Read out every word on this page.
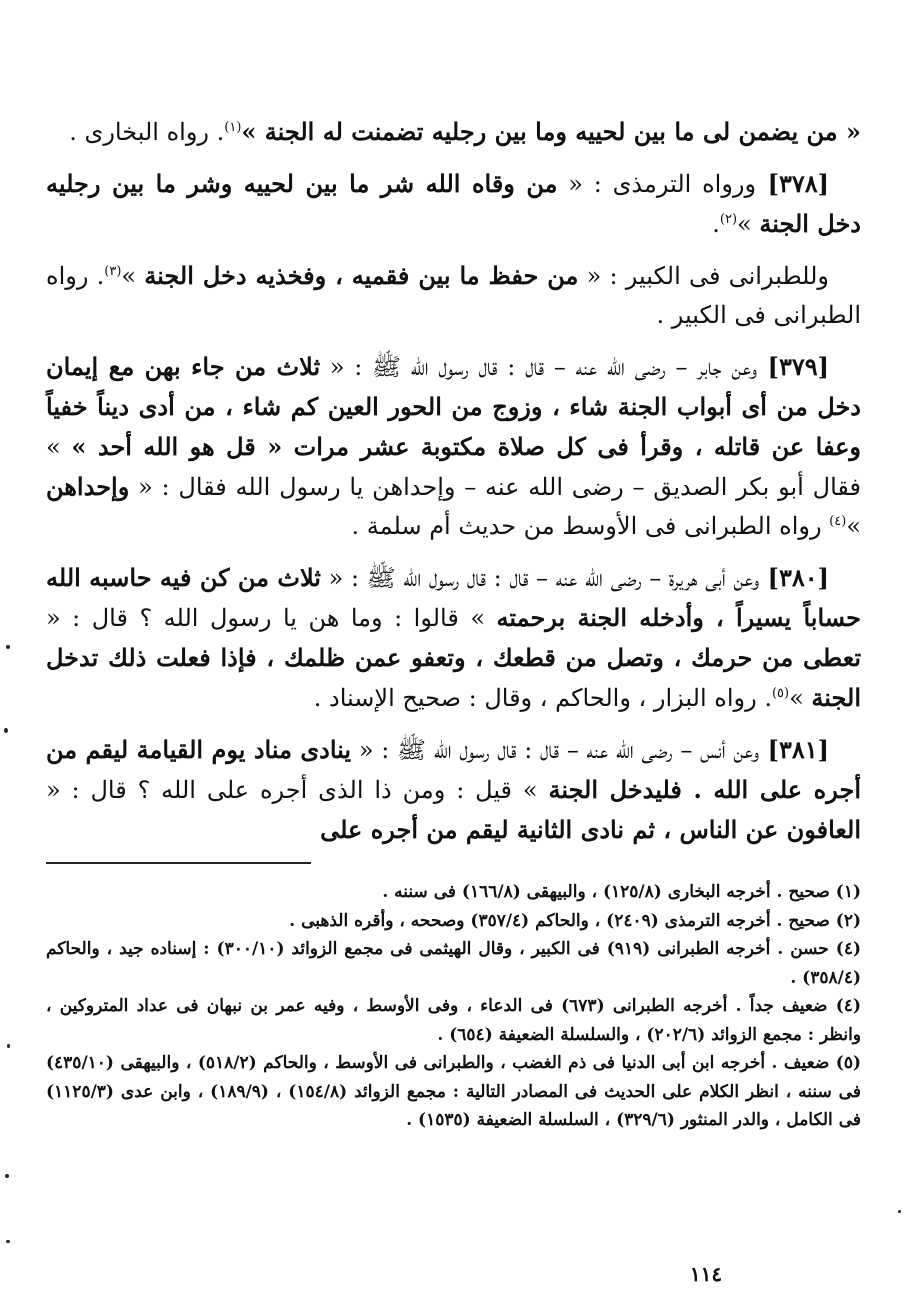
« من يضمن لى ما بين لحييه وما بين رجليه تضمنت له الجنة »$^{(١)}$. رواه البخارى .

[٣٧٨] ورواه الترمذى : « من وقاه الله شر ما بين لحييه وشر ما بين رجليه دخل الجنة »$^{(٢)}$.

وللطبرانى فى الكبير : « من حفظ ما بين فقميه ، وفخذيه دخل الجنة »$^{(٣)}$. رواه الطبرانى فى الكبير .

[٣٧٩] وعن جابر – رضى الله عنه – قال : قال رسول الله ﷺ : « ثلاث من جاء بهن مع إيمان دخل من أى أبواب الجنة شاء ، وزوج من الحور العين كم شاء ، من أدى ديناً خفياً وعفا عن قاتله ، وقرأ فى كل صلاة مكتوبة عشر مرات « قل هو الله أحد » » فقال أبو بكر الصديق – رضى الله عنه – وإحداهن يا رسول الله فقال : « وإحداهن »$^{(٤)}$ رواه الطبرانى فى الأوسط من حديث أم سلمة .

[٣٨٠] وعن أبى هريرة – رضى الله عنه – قال : قال رسول الله ﷺ : « ثلاث من كن فيه حاسبه الله حساباً يسيراً ، وأدخله الجنة برحمته » قالوا : وما هن يا رسول الله ؟ قال : « تعطى من حرمك ، وتصل من قطعك ، وتعفو عمن ظلمك ، فإذا فعلت ذلك تدخل الجنة »$^{(٥)}$. رواه البزار ، والحاكم ، وقال : صحيح الإسناد .

[٣٨١] وعن أنس – رضى الله عنه – قال : قال رسول الله ﷺ : « ينادى مناد يوم القيامة ليقم من أجره على الله . فليدخل الجنة » قيل : ومن ذا الذى أجره على الله ؟ قال : « العافون عن الناس ، ثم نادى الثانية ليقم من أجره على

(١) صحيح . أخرجه البخارى (١٢٥/٨) ، والبيهقى (١٦٦/٨) فى سننه .

(٢) صحيح . أخرجه الترمذى (٢٤٠٩) ، والحاكم (٣٥٧/٤) وصححه ، وأقره الذهبى .

(٤) حسن . أخرجه الطبرانى (٩١٩) فى الكبير ، وقال الهيثمى فى مجمع الزوائد (٣٠٠/١٠) : إسناده جيد ، والحاكم (٣٥٨/٤) .

(٤) ضعيف جداً . أخرجه الطبرانى (٦٧٣) فى الدعاء ، وفى الأوسط ، وفيه عمر بن نبهان فى عداد المتروكين ، وانظر : مجمع الزوائد (٢٠٢/٦) ، والسلسلة الضعيفة (٦٥٤) .

(٥) ضعيف . أخرجه ابن أبى الدنيا فى ذم الغضب ، والطبرانى فى الأوسط ، والحاكم (٥١٨/٢) ، والبيهقى (٤٣٥/١٠) فى سننه ، انظر الكلام على الحديث فى المصادر التالية : مجمع الزوائد (١٥٤/٨) ، (١٨٩/٩) ، وابن عدى (١١٢٥/٣) فى الكامل ، والدر المنثور (٣٢٩/٦) ، السلسلة الضعيفة (١٥٣٥) .

١١٤
